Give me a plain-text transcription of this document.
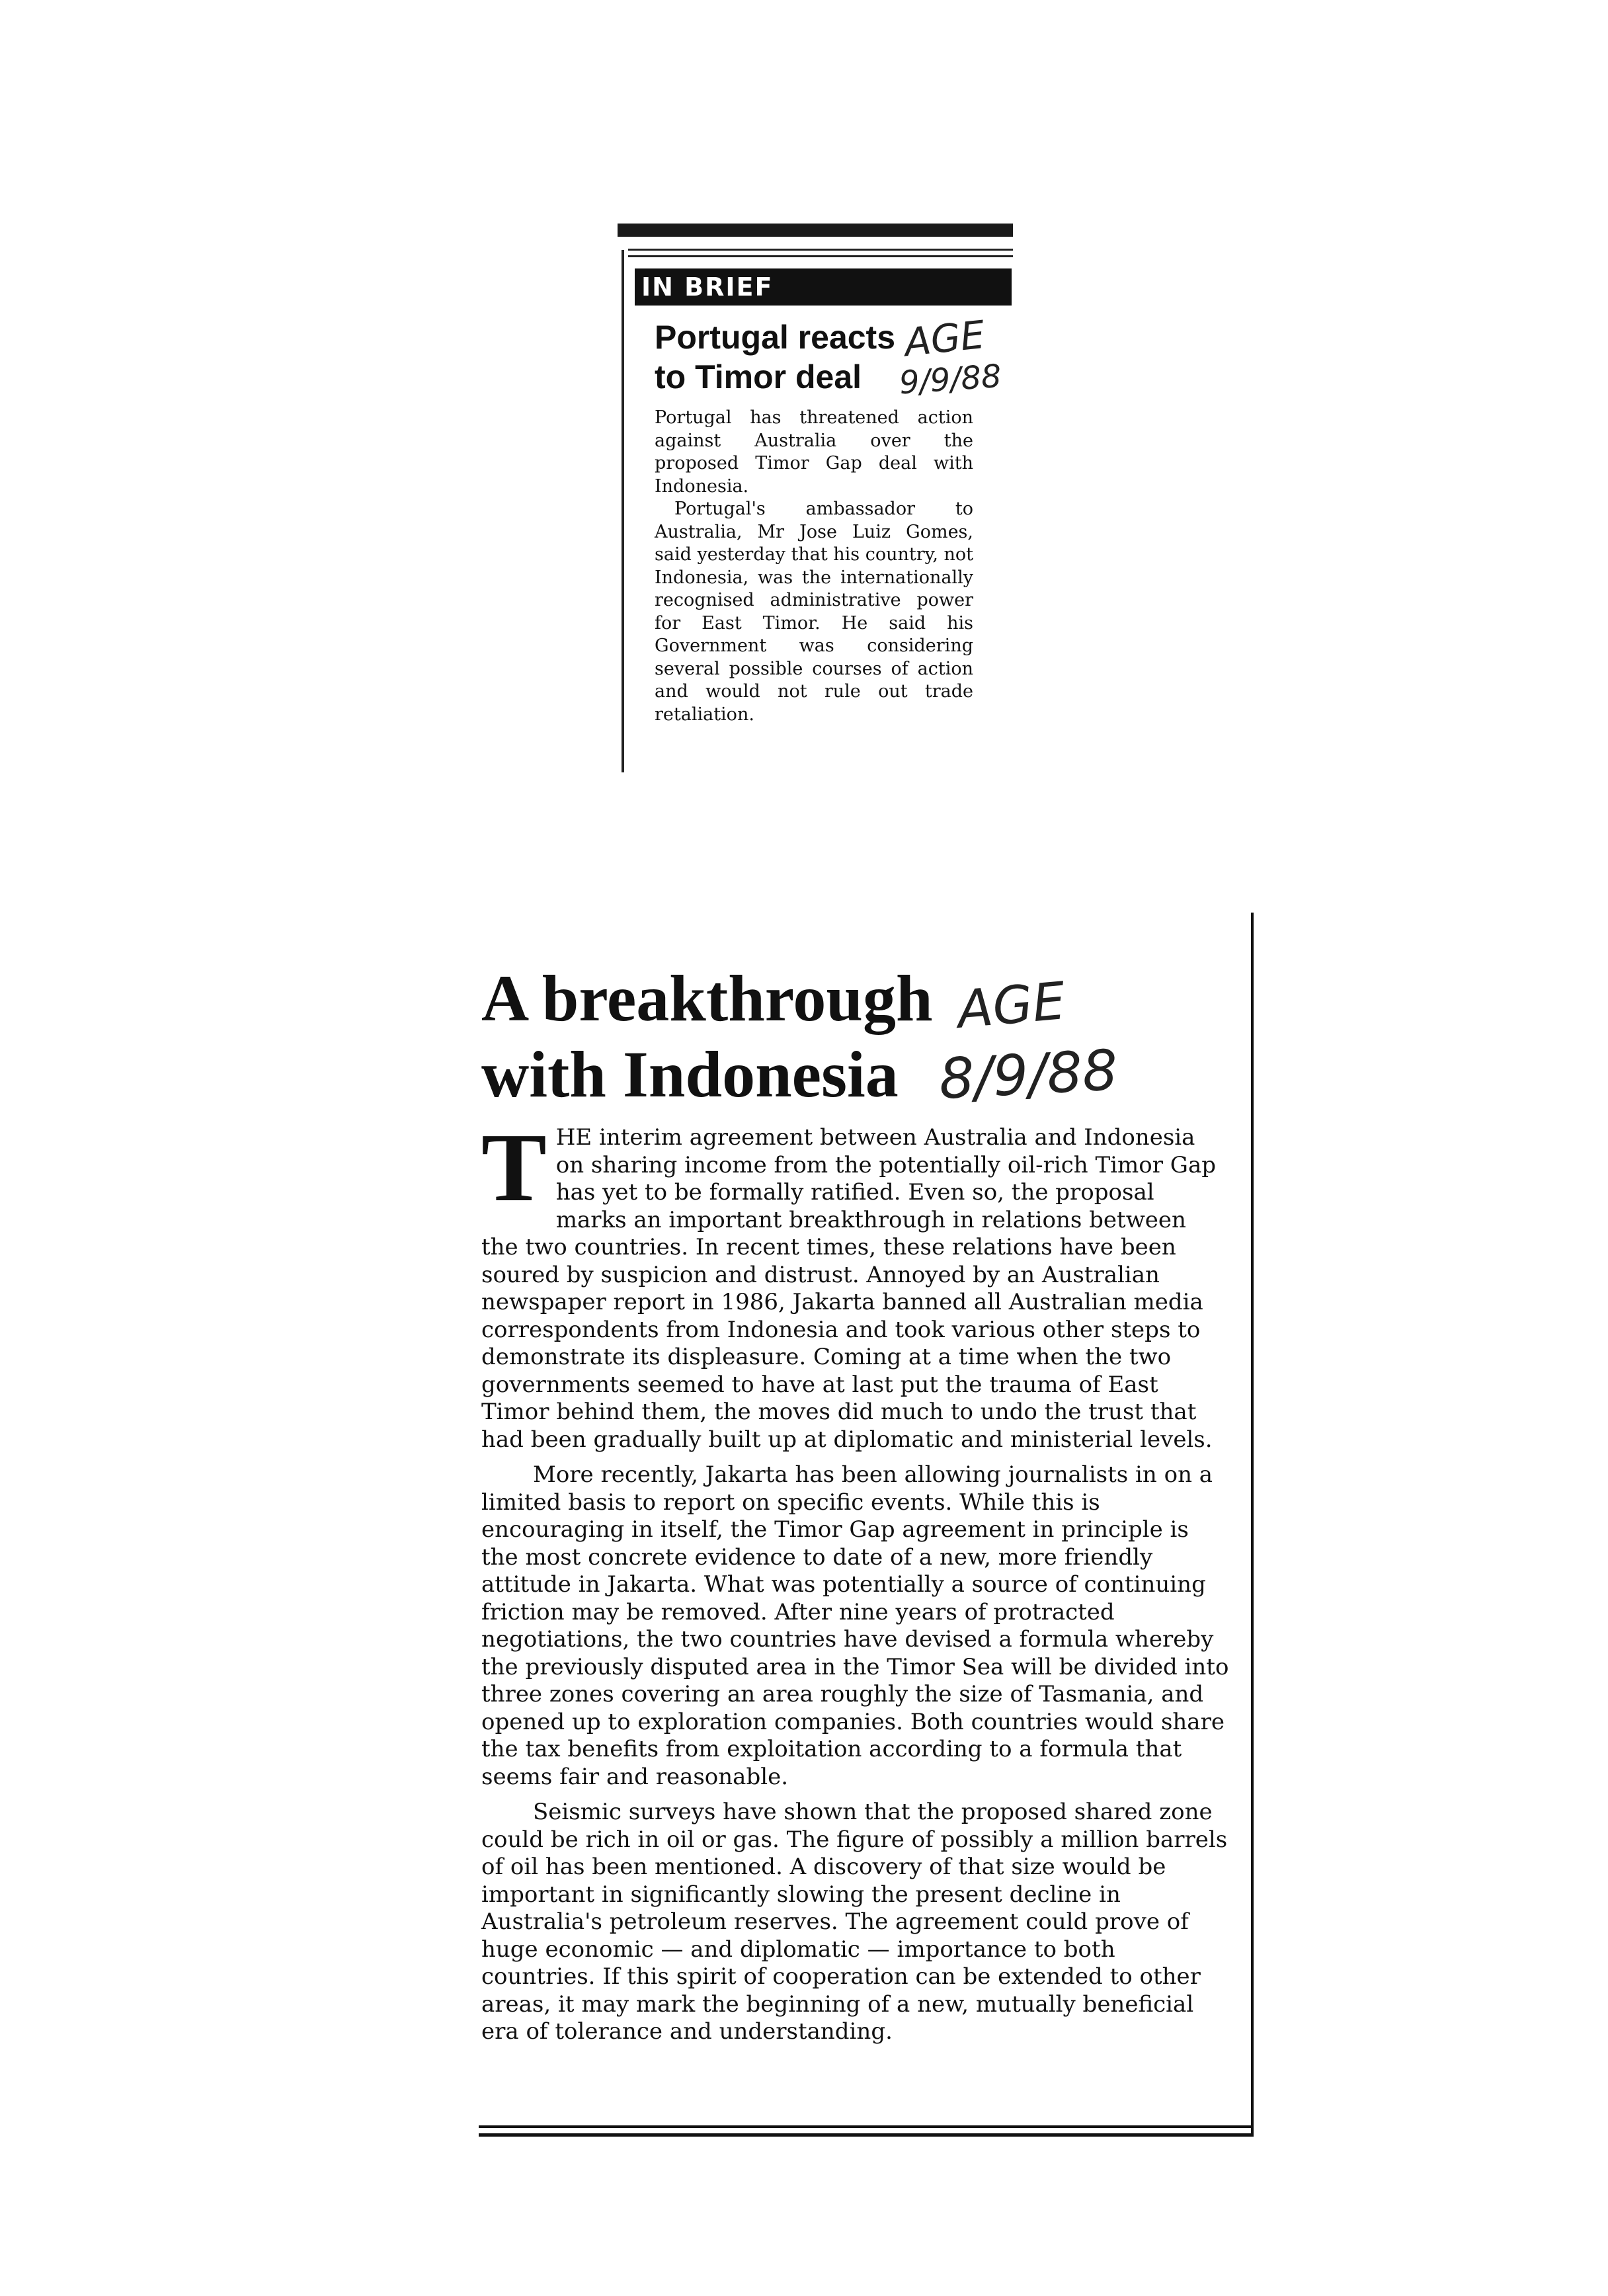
IN BRIEF
Portugal reacts
to Timor deal
AGE
9/9/88

Portugal has threatened action against Australia over the proposed Timor Gap deal with Indonesia.

Portugal's ambassador to Australia, Mr Jose Luiz Gomes, said yesterday that his country, not Indonesia, was the internationally recognised administrative power for East Timor. He said his Government was considering several possible courses of action and would not rule out trade retaliation.

A breakthrough
with Indonesia
AGE
8/9/88

THE interim agreement between Australia and Indonesia on sharing income from the potentially oil-rich Timor Gap has yet to be formally ratified. Even so, the proposal marks an important breakthrough in relations between the two countries. In recent times, these relations have been soured by suspicion and distrust. Annoyed by an Australian newspaper report in 1986, Jakarta banned all Australian media correspondents from Indonesia and took various other steps to demonstrate its displeasure. Coming at a time when the two governments seemed to have at last put the trauma of East Timor behind them, the moves did much to undo the trust that had been gradually built up at diplomatic and ministerial levels.

More recently, Jakarta has been allowing journalists in on a limited basis to report on specific events. While this is encouraging in itself, the Timor Gap agreement in principle is the most concrete evidence to date of a new, more friendly attitude in Jakarta. What was potentially a source of continuing friction may be removed. After nine years of protracted negotiations, the two countries have devised a formula whereby the previously disputed area in the Timor Sea will be divided into three zones covering an area roughly the size of Tasmania, and opened up to exploration companies. Both countries would share the tax benefits from exploitation according to a formula that seems fair and reasonable.

Seismic surveys have shown that the proposed shared zone could be rich in oil or gas. The figure of possibly a million barrels of oil has been mentioned. A discovery of that size would be important in significantly slowing the present decline in Australia's petroleum reserves. The agreement could prove of huge economic — and diplomatic — importance to both countries. If this spirit of cooperation can be extended to other areas, it may mark the beginning of a new, mutually beneficial era of tolerance and understanding.
